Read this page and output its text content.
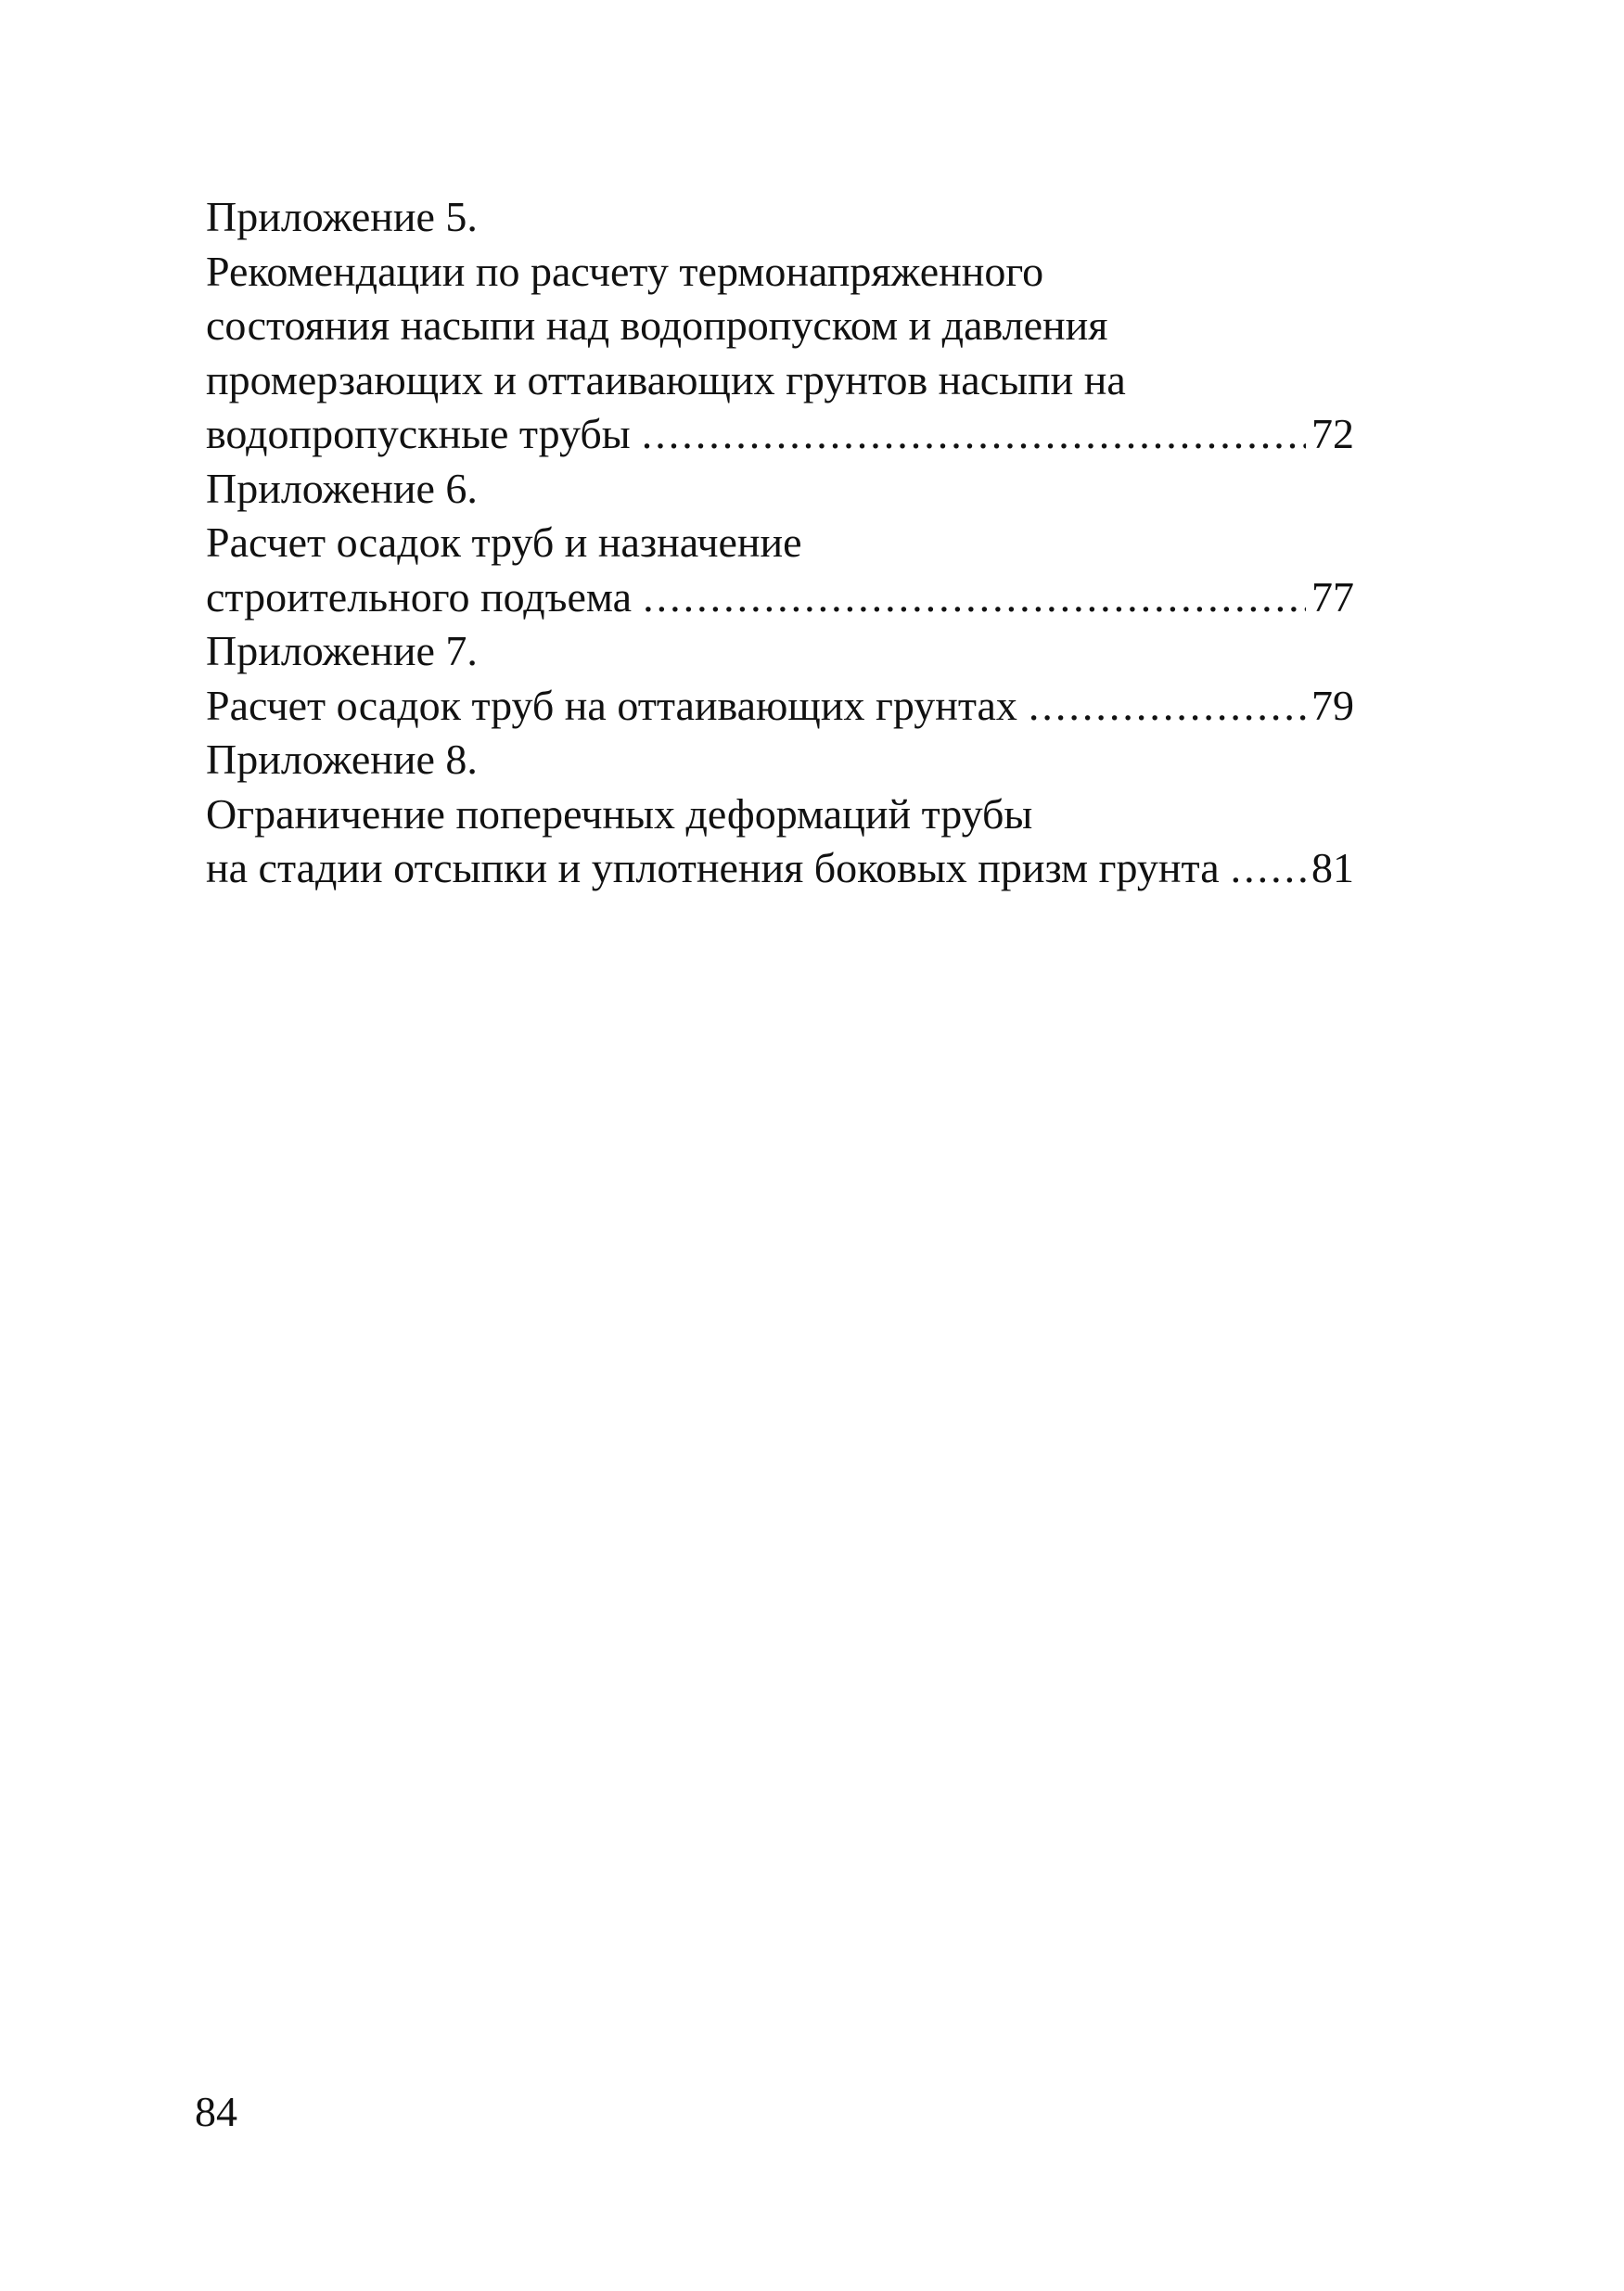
Приложение 5.
Рекомендации по расчету термонапряженного
состояния насыпи над водопропуском и давления
промерзающих и оттаивающих грунтов насыпи на
водопропускные трубы .....	72
Приложение 6.
Расчет осадок труб и назначение
строительного подъема .....	77
Приложение 7.
Расчет осадок труб на оттаивающих грунтах .....	79
Приложение 8.
Ограничение поперечных деформаций трубы
на стадии отсыпки и уплотнения боковых призм грунта ..... 81
84
